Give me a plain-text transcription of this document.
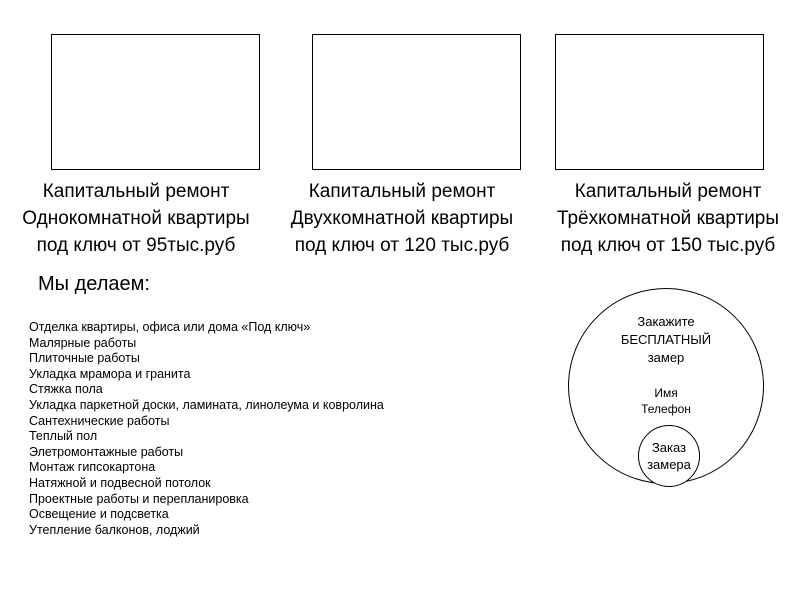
Капитальный ремонт
Однокомнатной квартиры
под ключ от 95тыс.руб
Капитальный ремонт
Двухкомнатной квартиры
под ключ от 120 тыс.руб
Капитальный ремонт
Трёхкомнатной квартиры
под ключ от 150 тыс.руб
Мы делаем:
Отделка квартиры, офиса или дома «Под ключ»
Малярные работы
Плиточные работы
Укладка мрамора и гранита
Стяжка пола
Укладка паркетной доски, ламината, линолеума и ковролина
Сантехнические работы
Теплый пол
Элетромонтажные работы
Монтаж гипсокартона
Натяжной и подвесной потолок
Проектные работы и перепланировка
Освещение и подсветка
Утепление балконов, лоджий
Закажите
БЕСПЛАТНЫЙ
замер
Имя
Телефон
Заказ
замера
